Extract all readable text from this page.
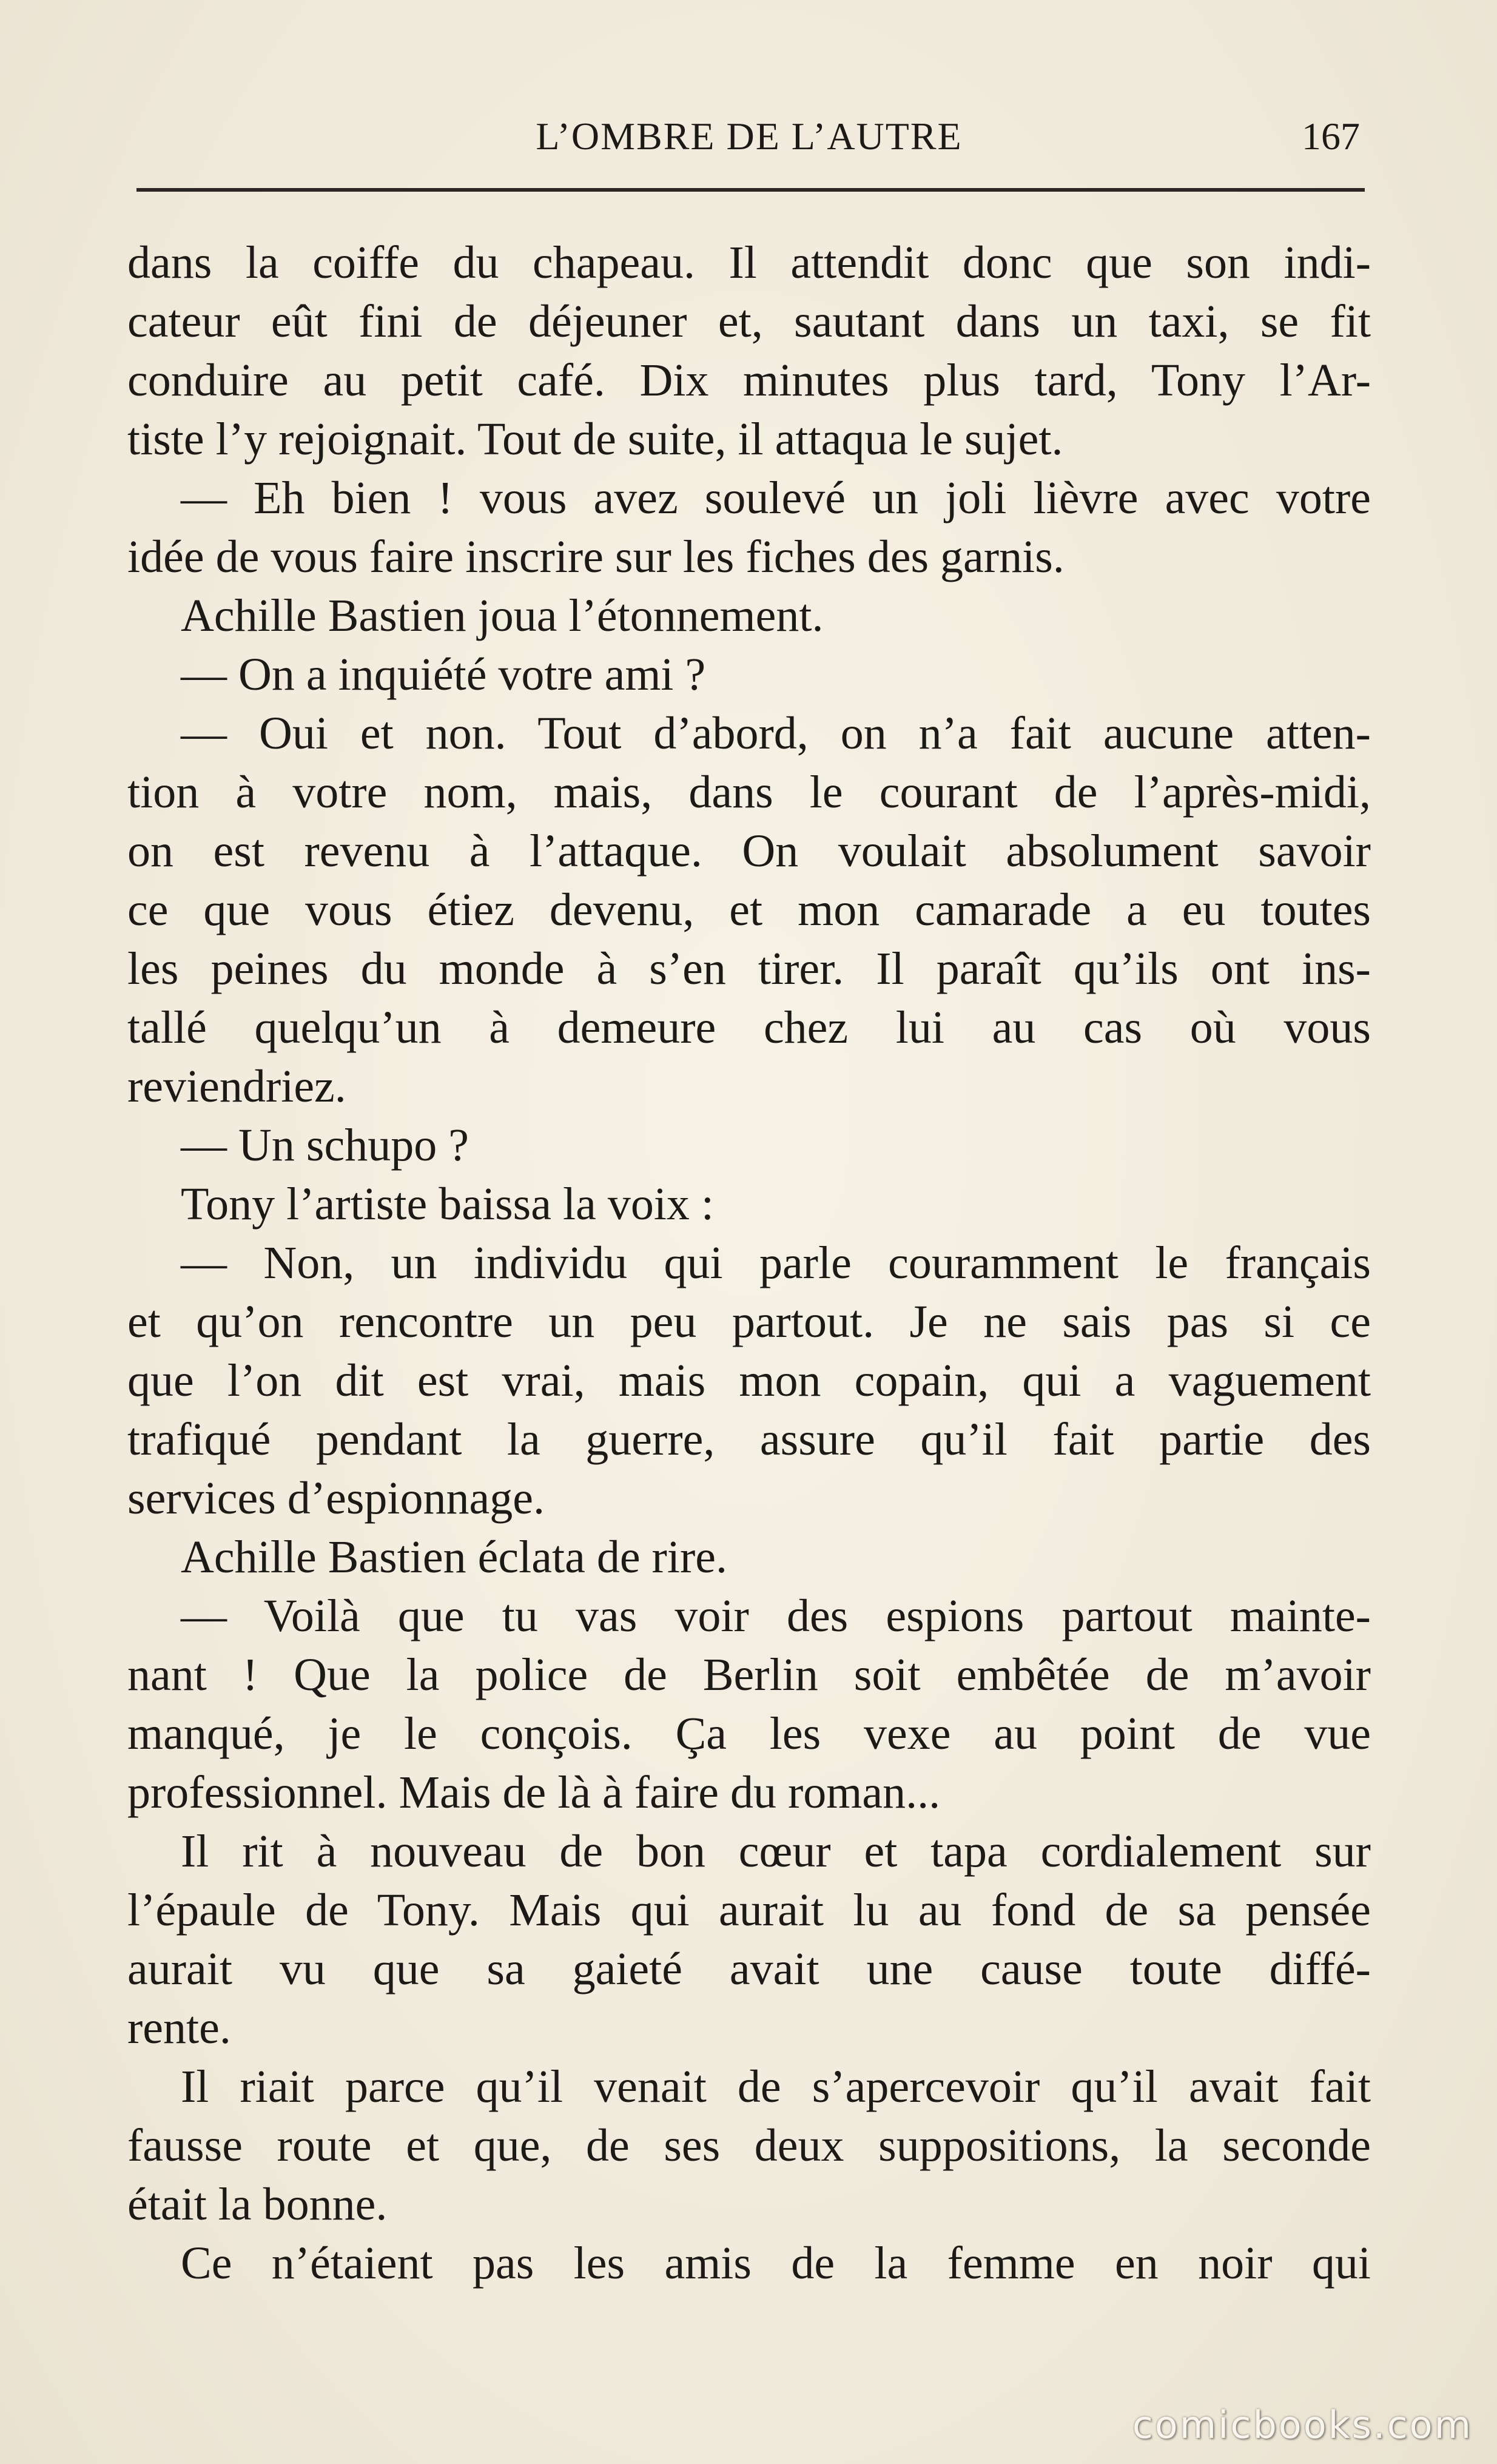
L’OMBRE DE L’AUTRE	167
dans la coiffe du chapeau. Il attendit donc que son indi-
cateur eût fini de déjeuner et, sautant dans un taxi, se fit
conduire au petit café. Dix minutes plus tard, Tony l’Ar-
tiste l’y rejoignait. Tout de suite, il attaqua le sujet.
— Eh bien ! vous avez soulevé un joli lièvre avec votre
idée de vous faire inscrire sur les fiches des garnis.
Achille Bastien joua l’étonnement.
— On a inquiété votre ami ?
— Oui et non. Tout d’abord, on n’a fait aucune atten-
tion à votre nom, mais, dans le courant de l’après-midi,
on est revenu à l’attaque. On voulait absolument savoir
ce que vous étiez devenu, et mon camarade a eu toutes
les peines du monde à s’en tirer. Il paraît qu’ils ont ins-
tallé quelqu’un à demeure chez lui au cas où vous
reviendriez.
— Un schupo ?
Tony l’artiste baissa la voix :
— Non, un individu qui parle couramment le français
et qu’on rencontre un peu partout. Je ne sais pas si ce
que l’on dit est vrai, mais mon copain, qui a vaguement
trafiqué pendant la guerre, assure qu’il fait partie des
services d’espionnage.
Achille Bastien éclata de rire.
— Voilà que tu vas voir des espions partout mainte-
nant ! Que la police de Berlin soit embêtée de m’avoir
manqué, je le conçois. Ça les vexe au point de vue
professionnel. Mais de là à faire du roman...
Il rit à nouveau de bon cœur et tapa cordialement sur
l’épaule de Tony. Mais qui aurait lu au fond de sa pensée
aurait vu que sa gaieté avait une cause toute diffé-
rente.
Il riait parce qu’il venait de s’apercevoir qu’il avait fait
fausse route et que, de ses deux suppositions, la seconde
était la bonne.
Ce n’étaient pas les amis de la femme en noir qui
comicbooks.com
